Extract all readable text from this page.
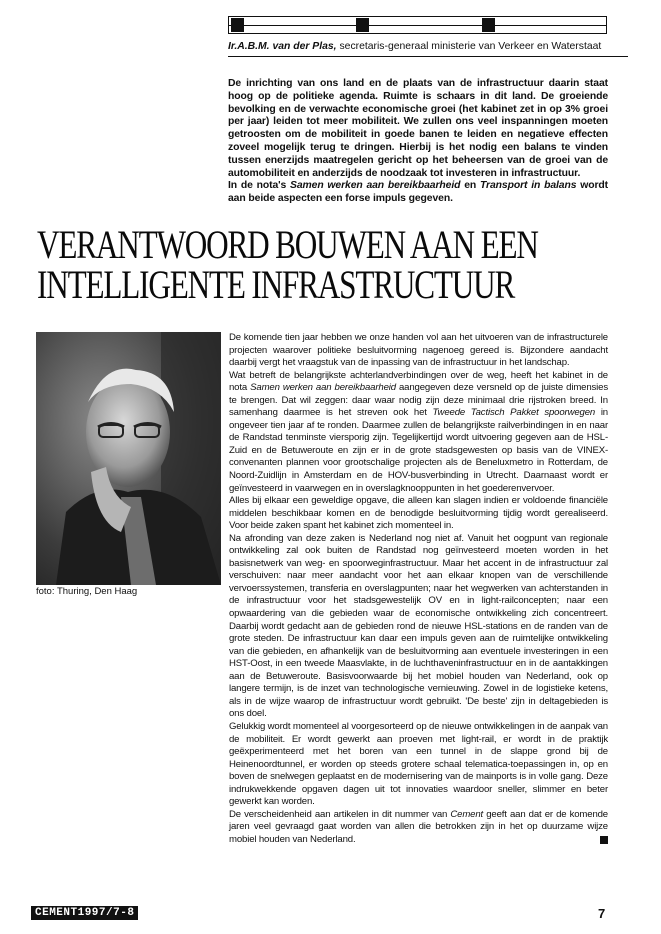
Ir.A.B.M. van der Plas, secretaris-generaal ministerie van Verkeer en Waterstaat

De inrichting van ons land en de plaats van de infrastructuur daarin staat hoog op de politieke agenda. Ruimte is schaars in dit land. De groeiende bevolking en de verwachte economische groei (het kabinet zet in op 3% groei per jaar) leiden tot meer mobiliteit. We zullen ons veel inspanningen moeten getroosten om de mobiliteit in goede banen te leiden en negatieve effecten zoveel mogelijk terug te dringen. Hierbij is het nodig een balans te vinden tussen enerzijds maatregelen gericht op het beheersen van de groei van de automobiliteit en anderzijds de noodzaak tot investeren in infrastructuur.

In de nota's Samen werken aan bereikbaarheid en Transport in balans wordt aan beide aspecten een forse impuls gegeven.

VERANTWOORD BOUWEN AAN EEN
INTELLIGENTE INFRASTRUCTUUR
foto: Thuring, Den Haag

De komende tien jaar hebben we onze handen vol aan het uitvoeren van de infrastructurele projecten waarover politieke besluitvorming nagenoeg gereed is. Bijzondere aandacht daarbij vergt het vraagstuk van de inpassing van de infrastructuur in het landschap.

Wat betreft de belangrijkste achterlandverbindingen over de weg, heeft het kabinet in de nota Samen werken aan bereikbaarheid aangegeven deze versneld op de juiste dimensies te brengen. Dat wil zeggen: daar waar nodig zijn deze minimaal drie rijstroken breed. In samenhang daarmee is het streven ook het Tweede Tactisch Pakket spoorwegen in ongeveer tien jaar af te ronden. Daarmee zullen de belangrijkste railverbindingen in en naar de Randstad tenminste viersporig zijn. Tegelijkertijd wordt uitvoering gegeven aan de HSL-Zuid en de Betuweroute en zijn er in de grote stadsgewesten op basis van de VINEX-convenanten plannen voor grootschalige projecten als de Beneluxmetro in Rotterdam, de Noord-Zuidlijn in Amsterdam en de HOV-busverbinding in Utrecht. Daarnaast wordt er geïnvesteerd in vaarwegen en in overslagknooppunten in het goederenvervoer.

Alles bij elkaar een geweldige opgave, die alleen kan slagen indien er voldoende financiële middelen beschikbaar komen en de benodigde besluitvorming tijdig wordt gerealiseerd. Voor beide zaken spant het kabinet zich momenteel in.

Na afronding van deze zaken is Nederland nog niet af. Vanuit het oogpunt van regionale ontwikkeling zal ook buiten de Randstad nog geïnvesteerd moeten worden in het basisnetwerk van weg- en spoorweginfrastructuur. Maar het accent in de infrastructuur zal verschuiven: naar meer aandacht voor het aan elkaar knopen van de verschillende vervoerssystemen, transferia en overslagpunten; naar het wegwerken van achterstanden in de infrastructuur voor het stadsgewestelijk OV en in light-railconcepten; naar een opwaardering van die gebieden waar de economische ontwikkeling zich concentreert. Daarbij wordt gedacht aan de gebieden rond de nieuwe HSL-stations en de randen van de grote steden. De infrastructuur kan daar een impuls geven aan de ruimtelijke ontwikkeling van die gebieden, en afhankelijk van de besluitvorming aan eventuele investeringen in een HST-Oost, in een tweede Maasvlakte, in de luchthaveninfrastructuur en in de aantakkingen aan de Betuweroute. Basisvoorwaarde bij het mobiel houden van Nederland, ook op langere termijn, is de inzet van technologische vernieuwing. Zowel in de logistieke ketens, als in de wijze waarop de infrastructuur wordt gebruikt. 'De beste' zijn in deltagebieden is ons doel.

Gelukkig wordt momenteel al voorgesorteerd op de nieuwe ontwikkelingen in de aanpak van de mobiliteit. Er wordt gewerkt aan proeven met light-rail, er wordt in de praktijk geëxperimenteerd met het boren van een tunnel in de slappe grond bij de Heinenoordtunnel, er worden op steeds grotere schaal telematica-toepassingen in, op en boven de snelwegen geplaatst en de modernisering van de mainports is in volle gang. Deze indrukwekkende opgaven dagen uit tot innovaties waardoor sneller, slimmer en beter gewerkt kan worden.

De verscheidenheid aan artikelen in dit nummer van Cement geeft aan dat er de komende jaren veel gevraagd gaat worden van allen die betrokken zijn in het op duurzame wijze mobiel houden van Nederland.

CEMENT1997/7-8	7
